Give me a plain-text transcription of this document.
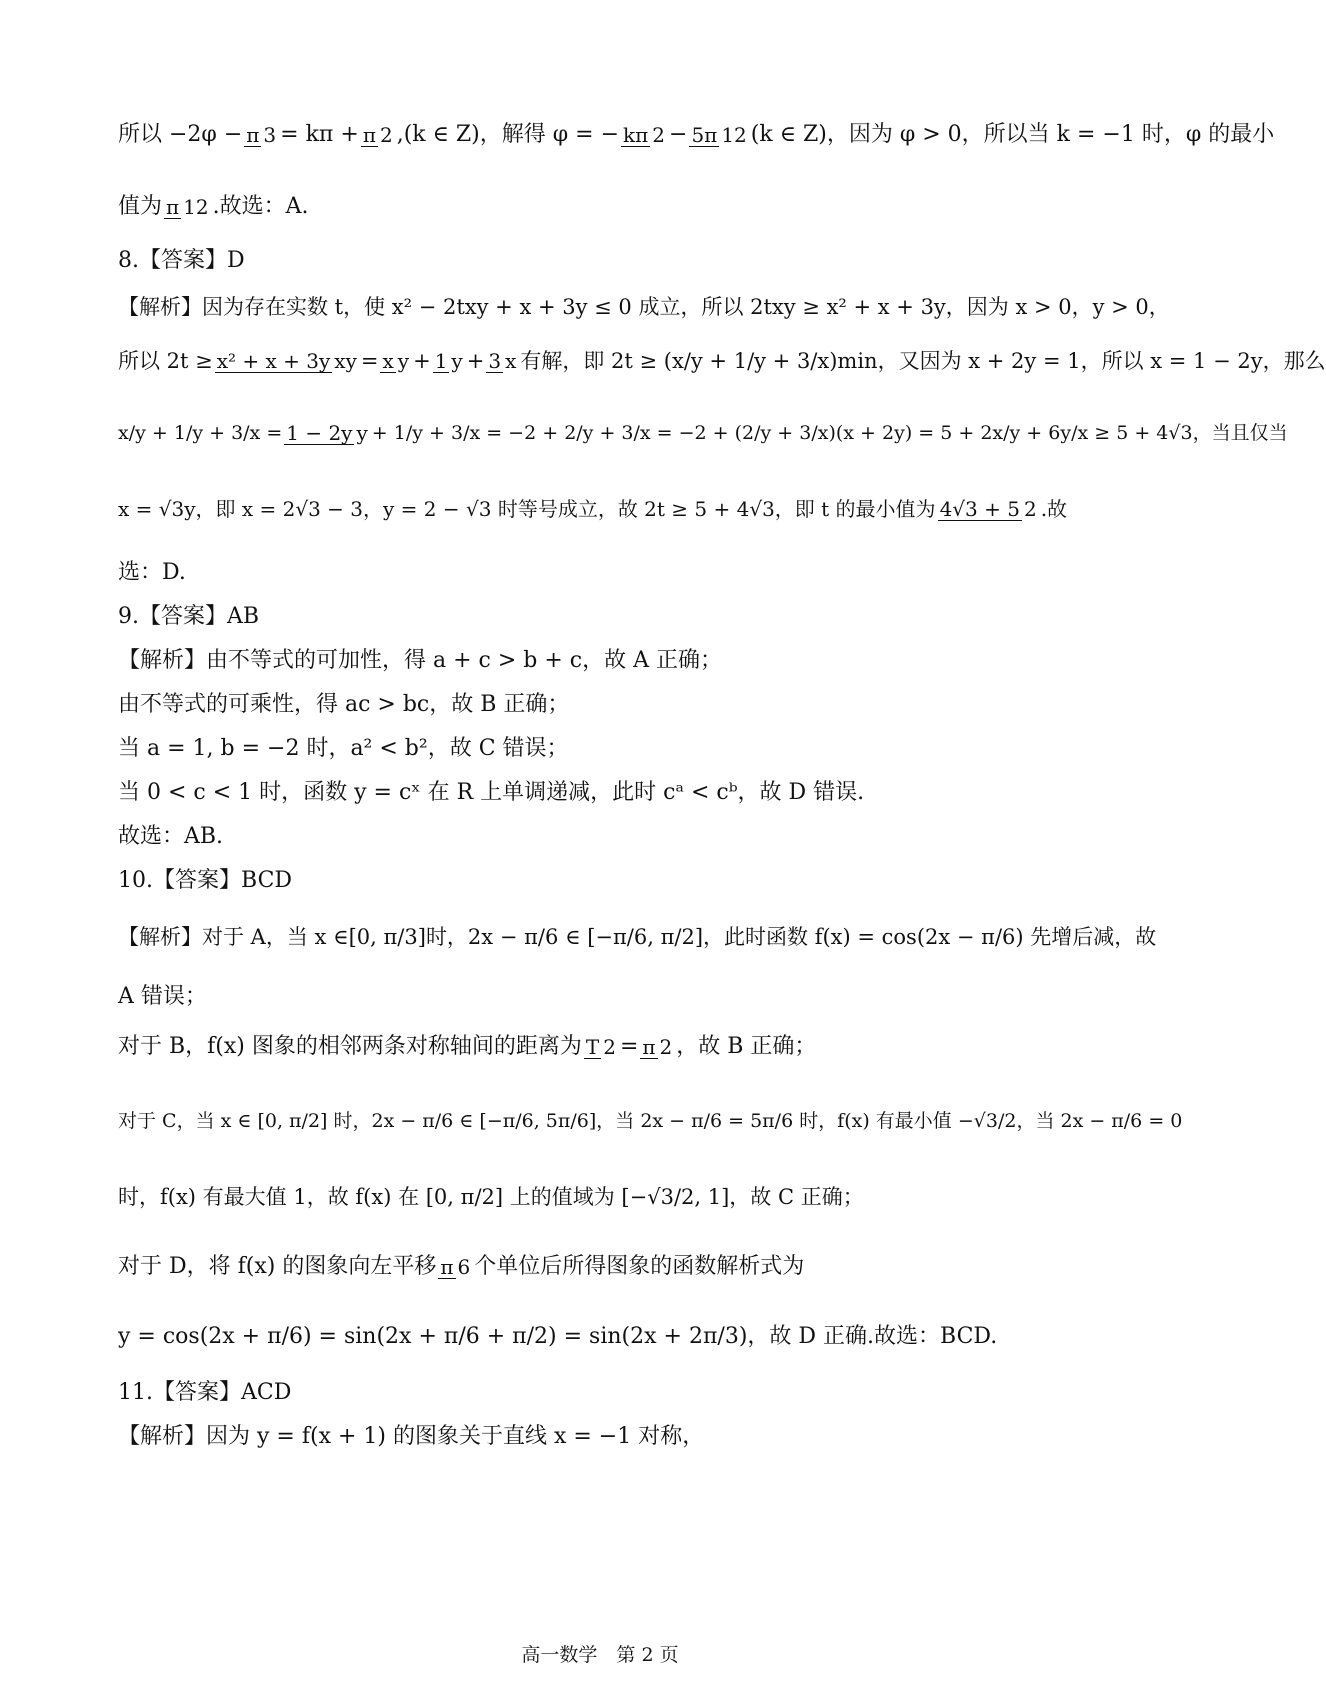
所以 −2φ − π 3 = kπ + π 2 ,(k ∈ Z)，解得 φ = − kπ 2 − 5π 12 (k ∈ Z)，因为 φ > 0，所以当 k = −1 时，φ 的最小
值为 π 12 .故选：A.
8.【答案】D
【解析】因为存在实数 t，使 x² − 2txy + x + 3y ≤ 0 成立，所以 2txy ≥ x² + x + 3y，因为 x > 0，y > 0，
所以 2t ≥ x² + x + 3y xy = x y + 1 y + 3 x 有解，即 2t ≥ (x/y + 1/y + 3/x)min，又因为 x + 2y = 1，所以 x = 1 − 2y，那么
x/y + 1/y + 3/x = 1 − 2y y + 1/y + 3/x = −2 + 2/y + 3/x = −2 + (2/y + 3/x)(x + 2y) = 5 + 2x/y + 6y/x ≥ 5 + 4√3，当且仅当
x = √3y，即 x = 2√3 − 3，y = 2 − √3 时等号成立，故 2t ≥ 5 + 4√3，即 t 的最小值为 4√3 + 5 2 .故
选：D.
9.【答案】AB
【解析】由不等式的可加性，得 a + c > b + c，故 A 正确；
由不等式的可乘性，得 ac > bc，故 B 正确；
当 a = 1, b = −2 时，a² < b²，故 C 错误；
当 0 < c < 1 时，函数 y = cˣ 在 R 上单调递减，此时 cᵃ < cᵇ，故 D 错误.
故选：AB.
10.【答案】BCD
【解析】对于 A，当 x ∈ [0, π/3] 时，2x − π/6 ∈ [−π/6, π/2]，此时函数 f(x) = cos(2x − π/6) 先增后减，故
A 错误；
对于 B，f(x) 图象的相邻两条对称轴间的距离为 T 2 = π 2 ，故 B 正确；
对于 C，当 x ∈ [0, π/2] 时，2x − π/6 ∈ [−π/6, 5π/6]，当 2x − π/6 = 5π/6 时，f(x) 有最小值 −√3/2，当 2x − π/6 = 0
时，f(x) 有最大值 1，故 f(x) 在 [0, π/2] 上的值域为 [−√3/2, 1]，故 C 正确；
对于 D，将 f(x) 的图象向左平移 π 6 个单位后所得图象的函数解析式为
y = cos(2x + π/6) = sin(2x + π/6 + π/2) = sin(2x + 2π/3)，故 D 正确.故选：BCD.
11.【答案】ACD
【解析】因为 y = f(x + 1) 的图象关于直线 x = −1 对称，
高一数学　第 2 页
